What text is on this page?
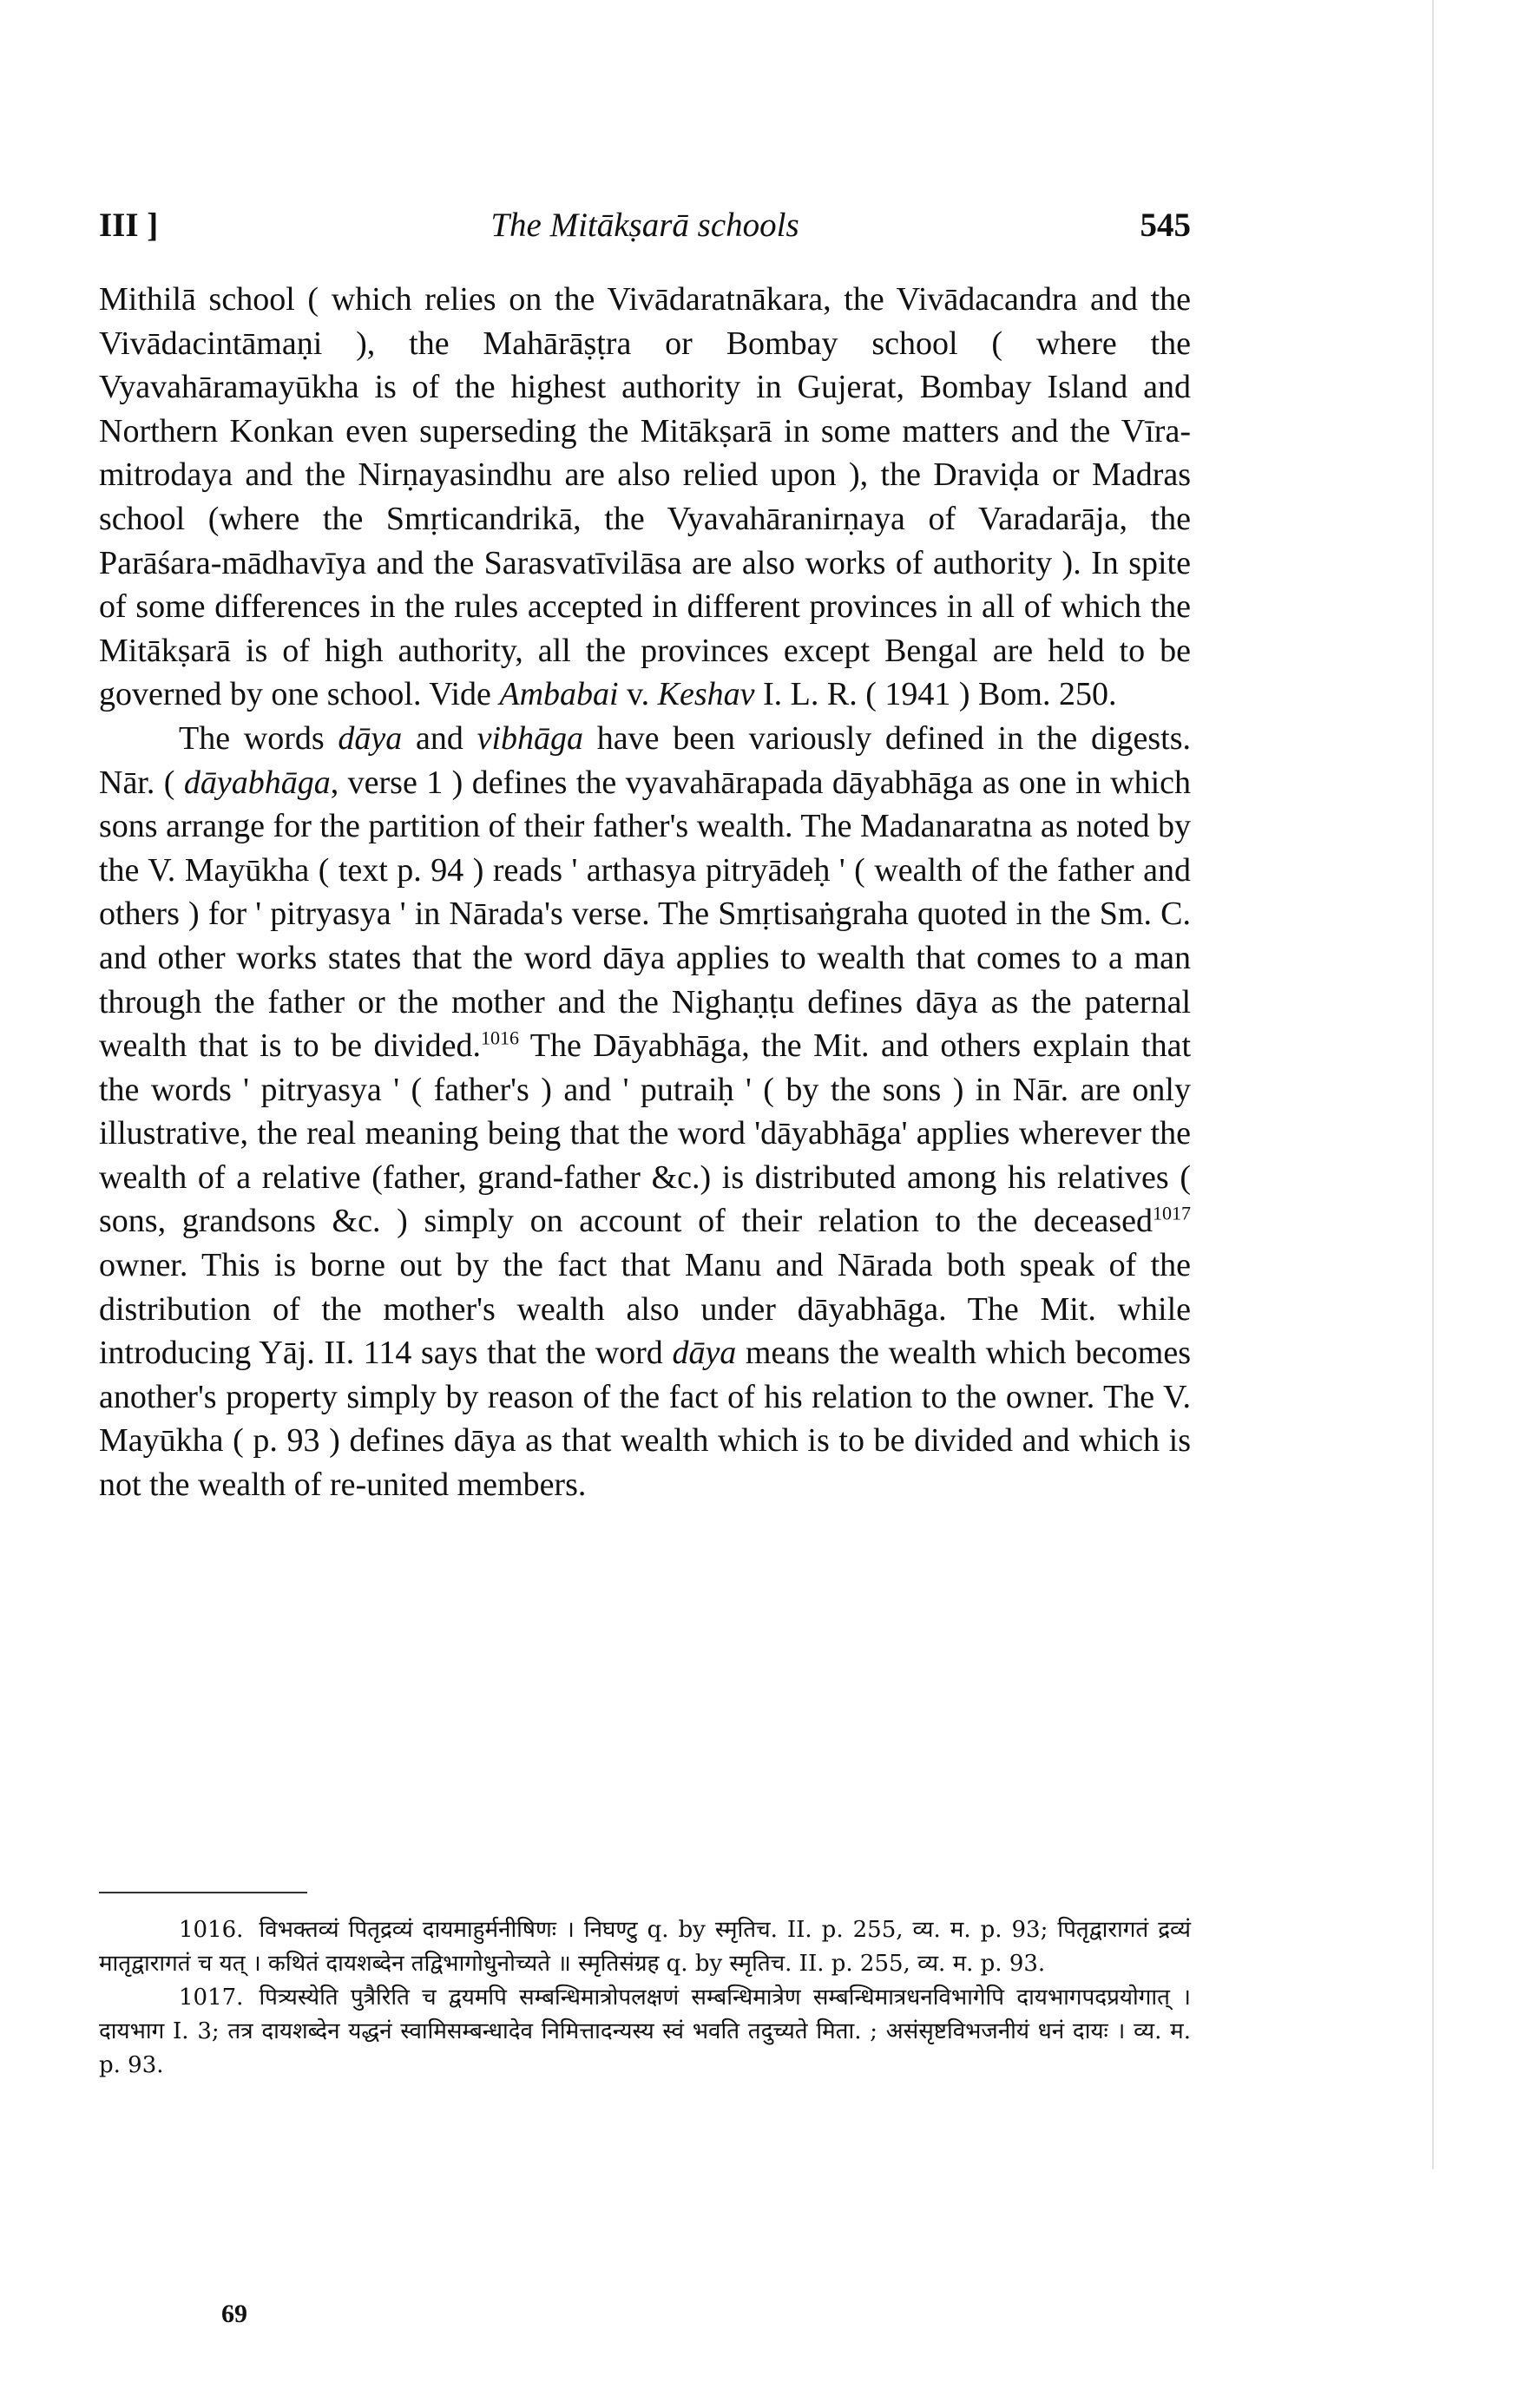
III ]	The Mitākṣarā schools	545

Mithilā school ( which relies on the Vivādaratnākara, the Vivādacandra and the Vivādacintāmaṇi ), the Mahārāṣṭra or Bombay school ( where the Vyavahāramayūkha is of the highest authority in Gujerat, Bombay Island and Northern Konkan even superseding the Mitākṣarā in some matters and the Vīramitrodaya and the Nirṇayasindhu are also relied upon ), the Draviḍa or Madras school (where the Smṛticandrikā, the Vyavahāranirṇaya of Varadarāja, the Parāśara-mādhavīya and the Sarasvatīvilāsa are also works of authority ). In spite of some differences in the rules accepted in different provinces in all of which the Mitākṣarā is of high authority, all the provinces except Bengal are held to be governed by one school. Vide Ambabai v. Keshav I. L. R. ( 1941 ) Bom. 250.

The words dāya and vibhāga have been variously defined in the digests. Nār. ( dāyabhāga, verse 1 ) defines the vyavahārapada dāyabhāga as one in which sons arrange for the partition of their father's wealth. The Madanaratna as noted by the V. Mayūkha ( text p. 94 ) reads ' arthasya pitryādeḥ ' ( wealth of the father and others ) for ' pitryasya ' in Nārada's verse. The Smṛtisaṅgraha quoted in the Sm. C. and other works states that the word dāya applies to wealth that comes to a man through the father or the mother and the Nighaṇṭu defines dāya as the paternal wealth that is to be divided.$^{1016}$ The Dāyabhāga, the Mit. and others explain that the words ' pitryasya ' ( father's ) and ' putraiḥ ' ( by the sons ) in Nār. are only illustrative, the real meaning being that the word 'dāyabhāga' applies wherever the wealth of a relative (father, grand-father &c.) is distributed among his relatives ( sons, grandsons &c. ) simply on account of their relation to the deceased$^{1017}$ owner. This is borne out by the fact that Manu and Nārada both speak of the distribution of the mother's wealth also under dāyabhāga. The Mit. while introducing Yāj. II. 114 says that the word dāya means the wealth which becomes another's property simply by reason of the fact of his relation to the owner. The V. Mayūkha ( p. 93 ) defines dāya as that wealth which is to be divided and which is not the wealth of re-united members.

1016. विभक्तव्यं पितृद्रव्यं दायमाहुर्मनीषिणः । निघण्टु q. by स्मृतिच. II. p. 255, व्य. म. p. 93; पितृद्वारागतं द्रव्यं मातृद्वारागतं च यत् । कथितं दायशब्देन तद्विभागोधुनोच्यते ॥ स्मृतिसंग्रह q. by स्मृतिच. II. p. 255, व्य. म. p. 93.

1017. पित्र्यस्येति पुत्रैरिति च द्वयमपि सम्बन्धिमात्रोपलक्षणं सम्बन्धिमात्रेण सम्बन्धिमात्रधनविभागेपि दायभागपदप्रयोगात् । दायभाग I. 3; तत्र दायशब्देन यद्धनं स्वामिसम्बन्धादेव निमित्तादन्यस्य स्वं भवति तदुच्यते मिता. ; असंसृष्टविभजनीयं धनं दायः । व्य. म. p. 93.

69
